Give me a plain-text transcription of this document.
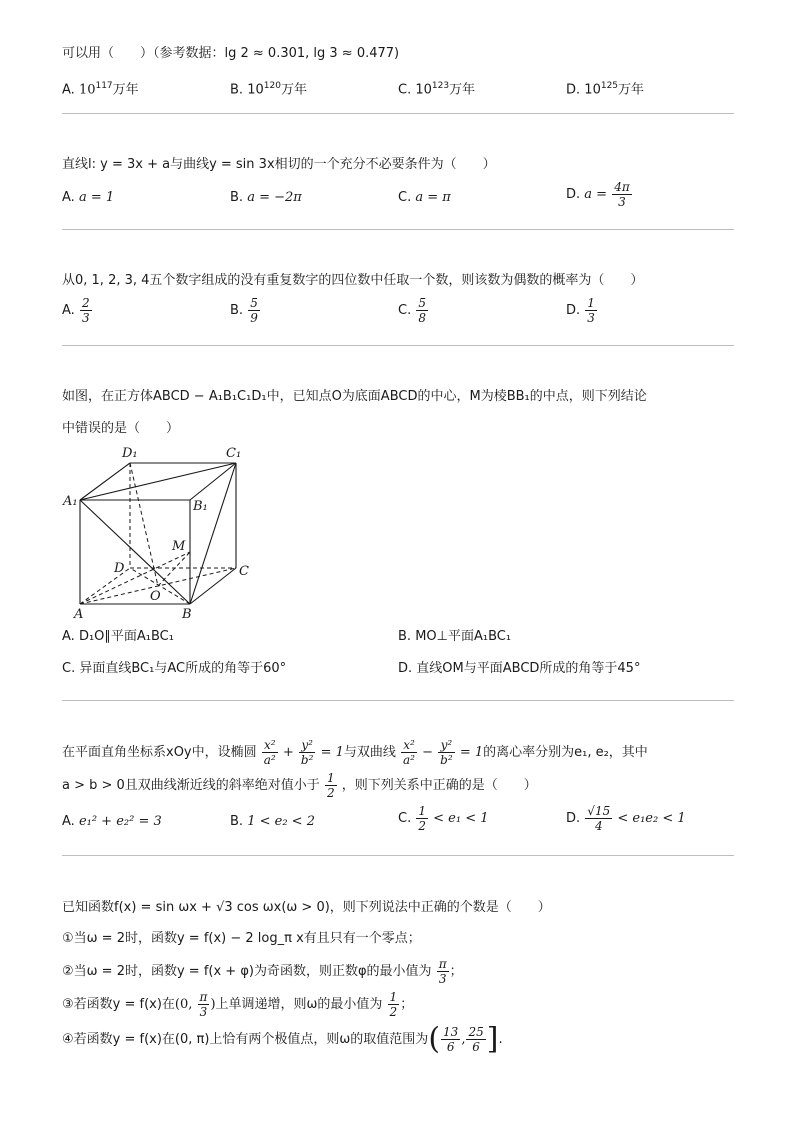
可以用（　　）（参考数据：lg 2 ≈ 0.301, lg 3 ≈ 0.477)
A. $10^{117}$万年	B. $10^{120}$万年	C. $10^{123}$万年	D. $10^{125}$万年
直线l: y = 3x + a与曲线y = sin 3x相切的一个充分不必要条件为（　　）
A. a = 1	B. a = −2π	C. a = π	D. $a = \frac{4\pi}{3}$
从0, 1, 2, 3, 4五个数字组成的没有重复数字的四位数中任取一个数，则该数为偶数的概率为（　　）
A. $\frac{2}{3}$	B. $\frac{5}{9}$	C. $\frac{5}{8}$	D. $\frac{1}{3}$
如图，在正方体ABCD − A₁B₁C₁D₁中，已知点O为底面ABCD的中心，M为棱BB₁的中点，则下列结论
中错误的是（　　）
D₁	C₁
A₁	B₁
M
D	C
O
A	B
A. D₁O∥平面A₁BC₁	B. MO⊥平面A₁BC₁
C. 异面直线BC₁与AC所成的角等于60°	D. 直线OM与平面ABCD所成的角等于45°
在平面直角坐标系xOy中，设椭圆 $\frac{\text{x²}}{\text{a²}} + \frac{\text{y²}}{\text{b²}} = 1$与双曲线 $\frac{\text{x²}}{\text{a²}} - \frac{\text{y²}}{\text{b²}} = 1$的离心率分别为e₁, e₂，其中
a > b > 0且双曲线渐近线的斜率绝对值小于 $\frac{1}{2}$ ，则下列关系中正确的是（　　）
A. e₁² + e₂² = 3	B. 1 < e₂ < 2	C. $\frac{1}{2} < e_1 < 1$	D. $\frac{√15}{4} < e_1e_2 < 1$
已知函数f(x) = sin ωx + √3 cos ωx(ω > 0)，则下列说法中正确的个数是（　　）
①当ω = 2时，函数y = f(x) − 2 log_π x有且只有一个零点；
②当ω = 2时，函数y = f(x + φ)为奇函数，则正数φ的最小值为 $\frac{\pi}{3}$ ；
③若函数y = f(x)在(0, $\frac{\pi}{3}$ )上单调递增，则ω的最小值为 $\frac{1}{2}$ ；
④若函数y = f(x)在(0, π)上恰有两个极值点，则ω的取值范围为( $\frac{13}{6}$ , $\frac{25}{6}$ ].
